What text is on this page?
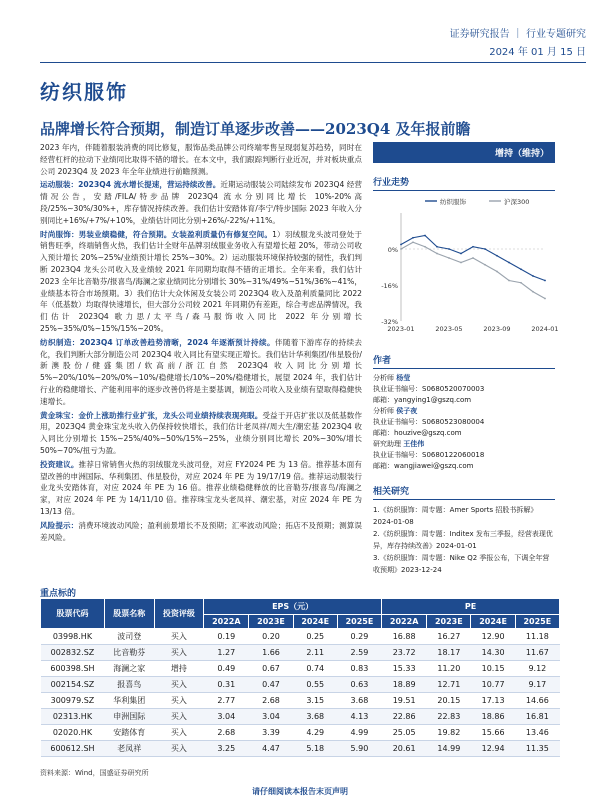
证券研究报告 ｜ 行业专题研究
2024 年 01 月 15 日
纺织服饰
品牌增长符合预期，制造订单逐步改善——2023Q4 及年报前瞻

2023 年内，伴随着服装消费的同比修复，服饰品类品牌公司终端零售呈现弱复苏趋势，同时在经营杠杆的拉动下业绩同比取得不错的增长。在本文中，我们跟踪判断行业近况，并对板块重点公司 2023Q4 及 2023 年全年业绩进行前瞻预测。

运动服装：2023Q4 流水增长提速，营运持续改善。近期运动服装公司陆续发布 2023Q4 经营情况公告，安踏/FILA/特步品牌 2023Q4 流水分别同比增长 10%-20%高段/25%~30%/30%+，库存情况持续改善。我们估计安踏体育/李宁/特步国际 2023 年收入分别同比+16%/+7%/+10%，业绩估计同比分别+26%/-22%/+11%。

时尚服饰：男装业绩稳健，符合预期。女装盈利质量仍有修复空间。1）羽绒服龙头波司登处于销售旺季，终端销售火热，我们估计全财年品牌羽绒服业务收入有望增长超 20%，带动公司收入预计增长 20%~25%/业绩预计增长 25%~30%。2）运动服装环境保持较强的韧性，我们判断 2023Q4 龙头公司收入及业绩较 2021 年同期均取得不错的正增长。全年来看，我们估计 2023 全年比音勒芬/报喜鸟/海澜之家业绩同比分别增长 30%~31%/49%~51%/36%~41%，业绩基本符合市场预期。3）我们估计大众休闲及女装公司 2023Q4 收入及盈利质量同比 2022 年（低基数）均取得快速增长，但大部分公司较 2021 年同期仍有差距，综合考虑品牌情况，我们估计 2023Q4 歌力思/太平鸟/森马服饰收入同比 2022 年分别增长 25%~35%/0%~15%/15%~20%。

纺织制造：2023Q4 订单改善趋势清晰，2024 年逐渐预计持续。伴随着下游库存的持续去化，我们判断大部分制造公司 2023Q4 收入同比有望实现正增长。我们估计华利集团/伟星股份/新澳股份/健盛集团/软高前/浙江自然 2023Q4 收入同比分别增长 5%~20%/10%~20%/0%~10%/稳健增长/10%~20%/稳健增长，展望 2024 年，我们估计行业的稳健增长、产能利用率的逐步改善仍将是主要基调，制造公司收入及业绩有望取得稳健快速增长。

黄金珠宝：金价上涨助推行业扩张，龙头公司业绩持续表现亮眼。受益于开店扩张以及低基数作用，2023Q4 黄金珠宝龙头收入仍保持较快增长，我们估计老凤祥/周大生/潮宏基 2023Q4 收入同比分别增长 15%~25%/40%~50%/15%~25%，业绩分别同比增长 20%~30%/增长 50%~70%/扭亏为盈。

投资建议。推荐日常销售火热的羽绒服龙头波司登，对应 FY2024 PE 为 13 倍。推荐基本面有望改善的申洲国际、华利集团、伟星股份，对应 2024 年 PE 为 19/17/19 倍。推荐运动服装行业龙头安踏体育，对应 2024 年 PE 为 16 倍。推荐业绩稳健释放的比音勒芬/报喜鸟/海澜之家，对应 2024 年 PE 为 14/11/10 倍。推荐珠宝龙头老凤祥、潮宏基，对应 2024 年 PE 为 13/13 倍。

风险提示：消费环境波动风险；盈利前景增长不及预期；汇率波动风险；拓店不及预期；测算误差风险。

增持（维持）
行业走势
0%
-16%
-32%
2023-01	2023-05	2023-09	2024-01
纺织服饰	沪深300
作者
分析师 杨莹
执业证书编号：S0680520070003
邮箱：yangying1@gszq.com
分析师 侯子夜
执业证书编号：S0680523080004
邮箱：houzive@gszq.com
研究助理 王佳伟
执业证书编号：S0680122060018
邮箱：wangjiawei@gszq.com
相关研究
1.《纺织服饰：周专题：Amer Sports 招股书拆解》2024-01-08
2.《纺织服饰：周专题：Inditex 发布三季报，经营表现优异，库存持续改善》2024-01-01
3.《纺织服饰：周专题：Nike Q2 季报公布，下调全年营收预期》2023-12-24
重点标的
股票代码	股票名称	投资评级	EPS（元）				PE			
			2022A	2023E	2024E	2025E	2022A	2023E	2024E	2025E
03998.HK	波司登	买入	0.19	0.20	0.25	0.29	16.88	16.27	12.90	11.18
002832.SZ	比音勒芬	买入	1.27	1.66	2.11	2.59	23.72	18.17	14.30	11.67
600398.SH	海澜之家	增持	0.49	0.67	0.74	0.83	15.33	11.20	10.15	9.12
002154.SZ	报喜鸟	买入	0.31	0.47	0.55	0.63	18.89	12.71	10.77	9.17
300979.SZ	华利集团	买入	2.77	2.68	3.15	3.68	19.51	20.15	17.13	14.66
02313.HK	申洲国际	买入	3.04	3.04	3.68	4.13	22.86	22.83	18.86	16.81
02020.HK	安踏体育	买入	2.68	3.39	4.29	4.99	25.05	19.82	15.66	13.46
600612.SH	老凤祥	买入	3.25	4.47	5.18	5.90	20.61	14.99	12.94	11.35
资料来源：Wind，国盛证券研究所
请仔细阅读本报告末页声明
